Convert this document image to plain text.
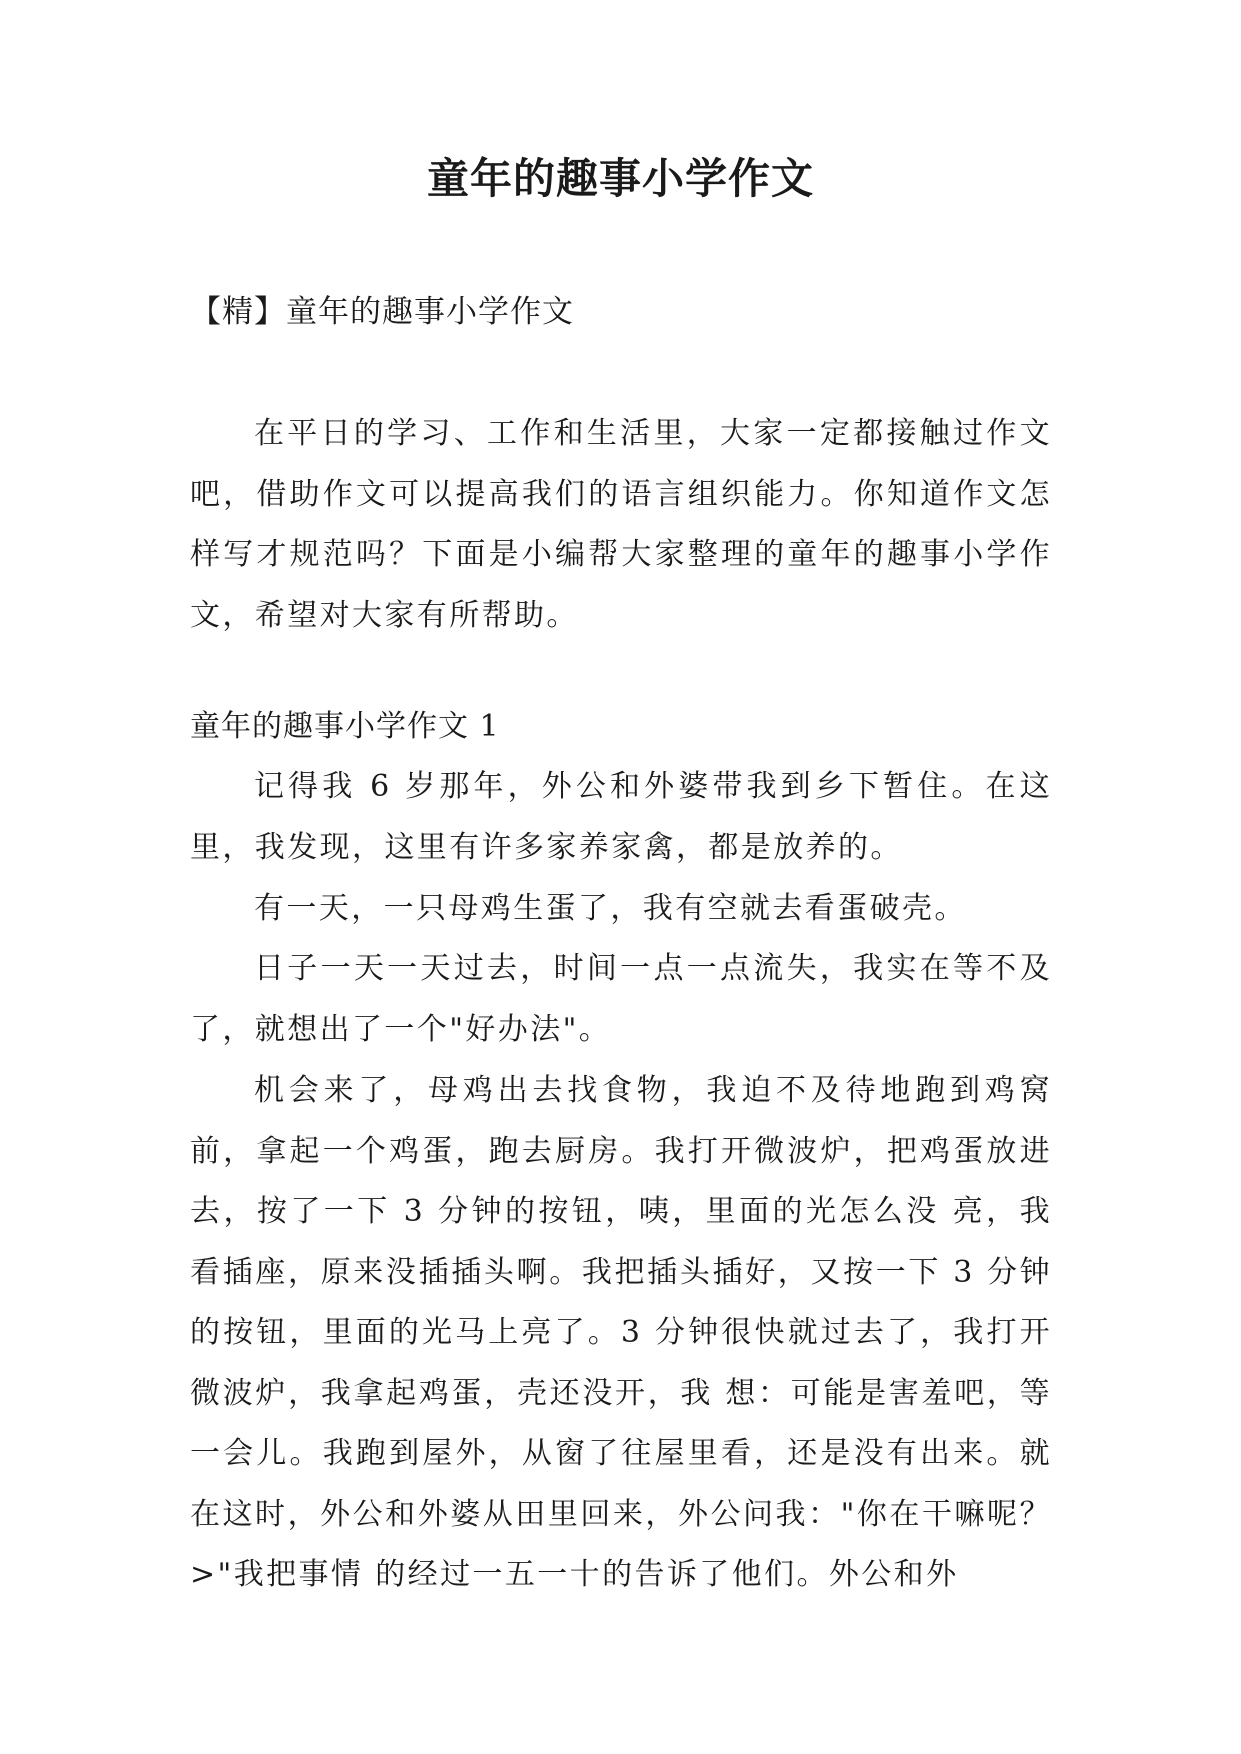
童年的趣事小学作文

【精】童年的趣事小学作文

在平日的学习、工作和生活里，大家一定都接触过作文吧，借助作文可以提高我们的语言组织能力。你知道作文怎样写才规范吗？下面是小编帮大家整理的童年的趣事小学作文，希望对大家有所帮助。

童年的趣事小学作文 1

记得我 6 岁那年，外公和外婆带我到乡下暂住。在这里，我发现，这里有许多家养家禽，都是放养的。

有一天，一只母鸡生蛋了，我有空就去看蛋破壳。

日子一天一天过去，时间一点一点流失，我实在等不及了，就想出了一个"好办法"。

机会来了，母鸡出去找食物，我迫不及待地跑到鸡窝前，拿起一个鸡蛋，跑去厨房。我打开微波炉，把鸡蛋放进去，按了一下 3 分钟的按钮，咦，里面的光怎么没 亮，我看插座，原来没插插头啊。我把插头插好，又按一下 3 分钟的按钮，里面的光马上亮了。3 分钟很快就过去了，我打开微波炉，我拿起鸡蛋，壳还没开，我 想：可能是害羞吧，等一会儿。我跑到屋外，从窗了往屋里看，还是没有出来。就在这时，外公和外婆从田里回来，外公问我："你在干嘛呢？>"我把事情 的经过一五一十的告诉了他们。外公和外
